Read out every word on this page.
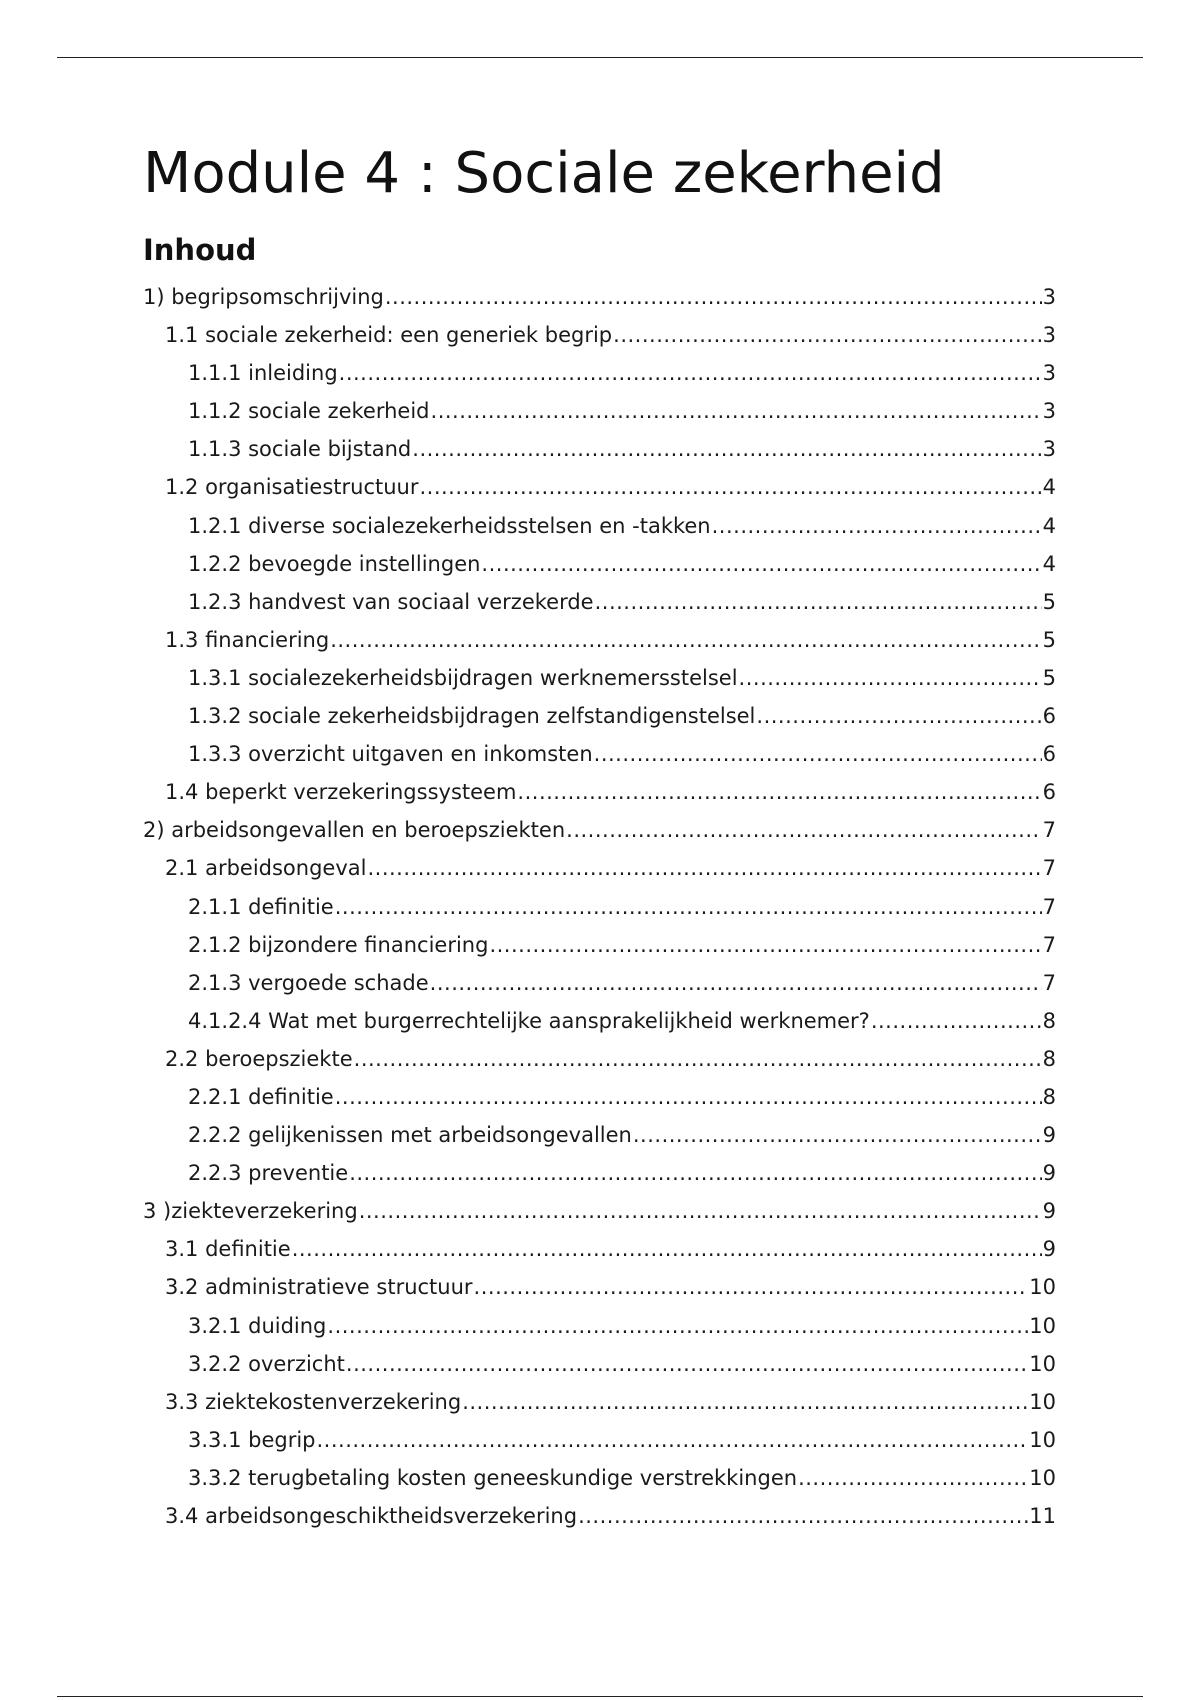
Module 4 : Sociale zekerheid
Inhoud
1) begripsomschrijving .....	3
1.1 sociale zekerheid: een generiek begrip .....	3
1.1.1 inleiding .....	3
1.1.2 sociale zekerheid .....	3
1.1.3 sociale bijstand .....	3
1.2 organisatiestructuur .....	4
1.2.1 diverse socialezekerheidsstelsen en -takken .....	4
1.2.2 bevoegde instellingen .....	4
1.2.3 handvest van sociaal verzekerde .....	5
1.3 financiering .....	5
1.3.1 socialezekerheidsbijdragen werknemersstelsel .....	5
1.3.2 sociale zekerheidsbijdragen zelfstandigenstelsel .....	6
1.3.3 overzicht uitgaven en inkomsten .....	6
1.4 beperkt verzekeringssysteem .....	6
2) arbeidsongevallen en beroepsziekten .....	7
2.1 arbeidsongeval .....	7
2.1.1 definitie .....	7
2.1.2 bijzondere financiering .....	7
2.1.3 vergoede schade .....	7
4.1.2.4 Wat met burgerrechtelijke aansprakelijkheid werknemer? .....	8
2.2 beroepsziekte .....	8
2.2.1 definitie .....	8
2.2.2 gelijkenissen met arbeidsongevallen .....	9
2.2.3 preventie .....	9
3 )ziekteverzekering .....	9
3.1 definitie .....	9
3.2 administratieve structuur .....	10
3.2.1 duiding .....	10
3.2.2 overzicht .....	10
3.3 ziektekostenverzekering .....	10
3.3.1 begrip .....	10
3.3.2 terugbetaling kosten geneeskundige verstrekkingen .....	10
3.4 arbeidsongeschiktheidsverzekering .....	11
